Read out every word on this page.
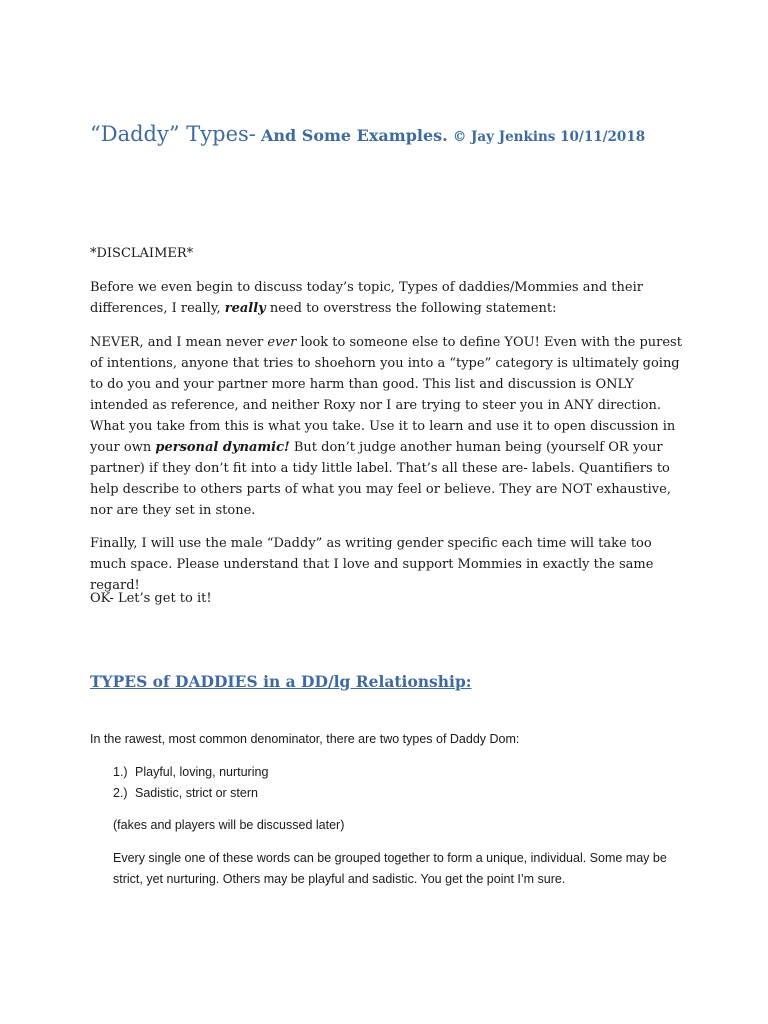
“Daddy” Types- And Some Examples. © Jay Jenkins 10/11/2018

*DISCLAIMER*

Before we even begin to discuss today’s topic, Types of daddies/Mommies and their differences, I really, really need to overstress the following statement:

NEVER, and I mean never ever look to someone else to define YOU! Even with the purest of intentions, anyone that tries to shoehorn you into a “type” category is ultimately going to do you and your partner more harm than good. This list and discussion is ONLY intended as reference, and neither Roxy nor I are trying to steer you in ANY direction. What you take from this is what you take. Use it to learn and use it to open discussion in your own personal dynamic! But don’t judge another human being (yourself OR your partner) if they don’t fit into a tidy little label. That’s all these are- labels. Quantifiers to help describe to others parts of what you may feel or believe. They are NOT exhaustive, nor are they set in stone.

Finally, I will use the male “Daddy” as writing gender specific each time will take too much space. Please understand that I love and support Mommies in exactly the same regard!

OK- Let’s get to it!

TYPES of DADDIES in a DD/lg Relationship:

In the rawest, most common denominator, there are two types of Daddy Dom:

1.) Playful, loving, nurturing
2.) Sadistic, strict or stern

(fakes and players will be discussed later)

Every single one of these words can be grouped together to form a unique, individual. Some may be strict, yet nurturing. Others may be playful and sadistic. You get the point I’m sure.
